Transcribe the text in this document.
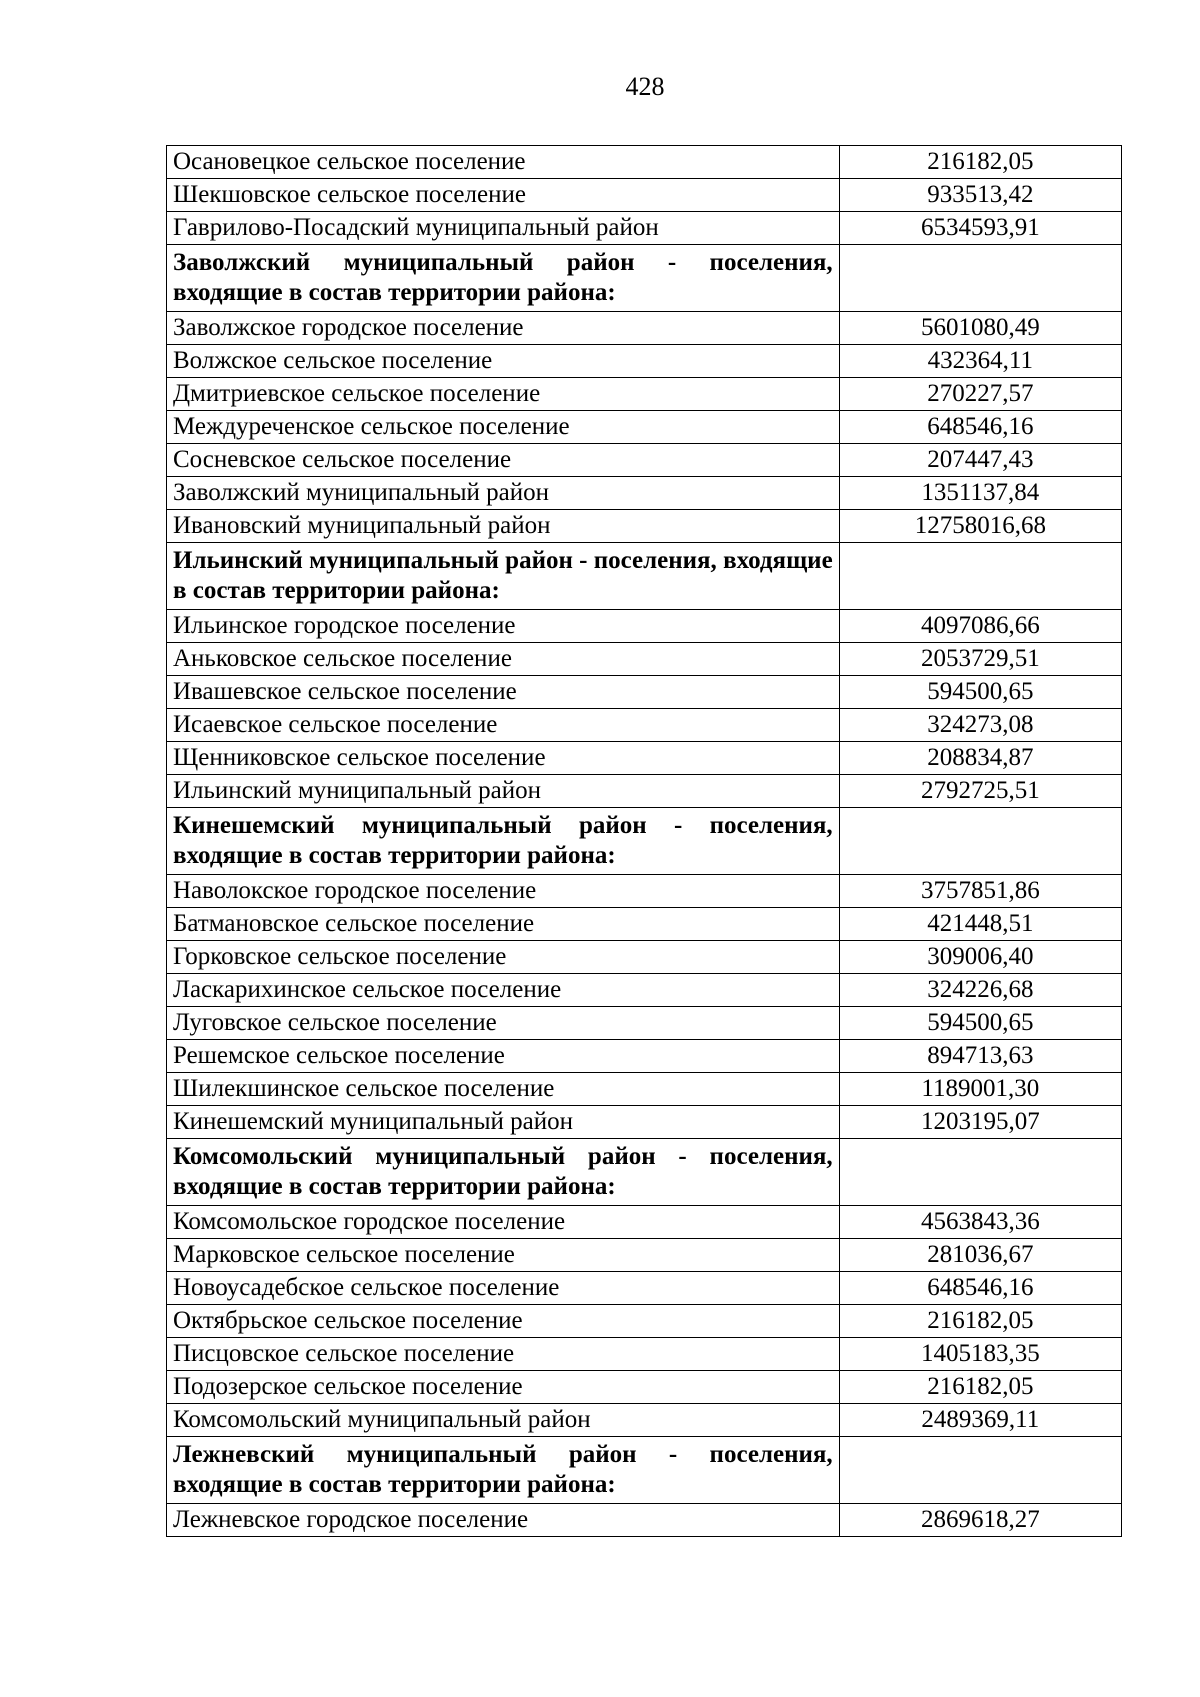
428
Осановецкое сельское поселение	216182,05
Шекшовское сельское поселение	933513,42
Гаврилово-Посадский муниципальный район	6534593,91
Заволжский муниципальный район - поселения, входящие в состав территории района:	
Заволжское городское поселение	5601080,49
Волжское сельское поселение	432364,11
Дмитриевское сельское поселение	270227,57
Междуреченское сельское поселение	648546,16
Сосневское сельское поселение	207447,43
Заволжский муниципальный район	1351137,84
Ивановский муниципальный район	12758016,68
Ильинский муниципальный район - поселения, входящие в состав территории района:	
Ильинское городское поселение	4097086,66
Аньковское сельское поселение	2053729,51
Ивашевское сельское поселение	594500,65
Исаевское сельское поселение	324273,08
Щенниковское сельское поселение	208834,87
Ильинский муниципальный район	2792725,51
Кинешемский муниципальный район - поселения, входящие в состав территории района:	
Наволокское городское поселение	3757851,86
Батмановское сельское поселение	421448,51
Горковское сельское поселение	309006,40
Ласкарихинское сельское поселение	324226,68
Луговское сельское поселение	594500,65
Решемское сельское поселение	894713,63
Шилекшинское сельское поселение	1189001,30
Кинешемский муниципальный район	1203195,07
Комсомольский муниципальный район - поселения, входящие в состав территории района:	
Комсомольское городское поселение	4563843,36
Марковское сельское поселение	281036,67
Новоусадебское сельское поселение	648546,16
Октябрьское сельское поселение	216182,05
Писцовское сельское поселение	1405183,35
Подозерское сельское поселение	216182,05
Комсомольский муниципальный район	2489369,11
Лежневский муниципальный район - поселения, входящие в состав территории района:	
Лежневское городское поселение	2869618,27
